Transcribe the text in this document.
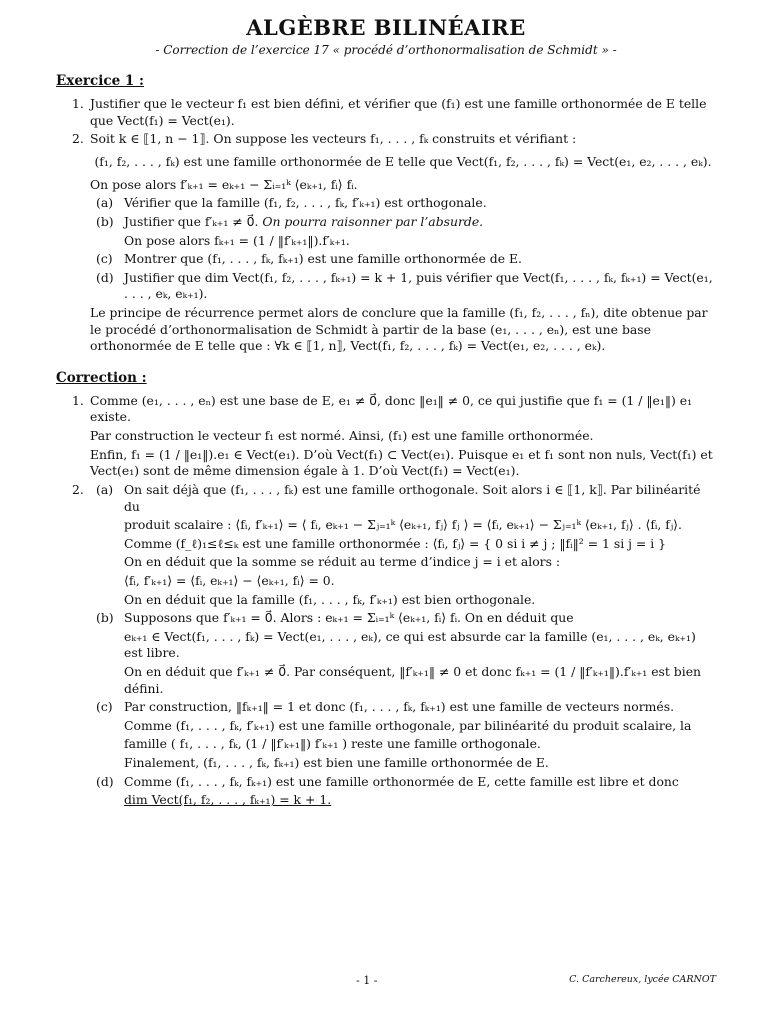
ALGÈBRE BILINÉAIRE
- Correction de l’exercice 17 « procédé d’orthonormalisation de Schmidt » -
Exercice 1 :
1. Justifier que le vecteur f₁ est bien défini, et vérifier que (f₁) est une famille orthonormée de E telle que Vect(f₁) = Vect(e₁).
2. Soit k ∈ ⟦1, n − 1⟧. On suppose les vecteurs f₁, . . . , fₖ construits et vérifiant :
(f₁, f₂, . . . , fₖ) est une famille orthonormée de E telle que Vect(f₁, f₂, . . . , fₖ) = Vect(e₁, e₂, . . . , eₖ).
On pose alors f′ₖ₊₁ = eₖ₊₁ − Σᵢ₌₁ᵏ ⟨eₖ₊₁, fᵢ⟩ fᵢ.
(a) Vérifier que la famille (f₁, f₂, . . . , fₖ, f′ₖ₊₁) est orthogonale.
(b) Justifier que f′ₖ₊₁ ≠ 0⃗. On pourra raisonner par l’absurde.
On pose alors fₖ₊₁ = (1 / ‖f′ₖ₊₁‖).f′ₖ₊₁.
(c) Montrer que (f₁, . . . , fₖ, fₖ₊₁) est une famille orthonormée de E.
(d) Justifier que dim Vect(f₁, f₂, . . . , fₖ₊₁) = k + 1, puis vérifier que Vect(f₁, . . . , fₖ, fₖ₊₁) = Vect(e₁, . . . , eₖ, eₖ₊₁).
Le principe de récurrence permet alors de conclure que la famille (f₁, f₂, . . . , fₙ), dite obtenue par le procédé d’orthonormalisation de Schmidt à partir de la base (e₁, . . . , eₙ), est une base orthonormée de E telle que : ∀k ∈ ⟦1, n⟧, Vect(f₁, f₂, . . . , fₖ) = Vect(e₁, e₂, . . . , eₖ).
Correction :
1. Comme (e₁, . . . , eₙ) est une base de E, e₁ ≠ 0⃗, donc ‖e₁‖ ≠ 0, ce qui justifie que f₁ = (1 / ‖e₁‖) e₁ existe.
Par construction le vecteur f₁ est normé. Ainsi, (f₁) est une famille orthonormée.
Enfin, f₁ = (1 / ‖e₁‖).e₁ ∈ Vect(e₁). D’où Vect(f₁) ⊂ Vect(e₁). Puisque e₁ et f₁ sont non nuls, Vect(f₁) et Vect(e₁) sont de même dimension égale à 1. D’où Vect(f₁) = Vect(e₁).
2. (a) On sait déjà que (f₁, . . . , fₖ) est une famille orthogonale. Soit alors i ∈ ⟦1, k⟧. Par bilinéarité du
produit scalaire : ⟨fᵢ, f′ₖ₊₁⟩ = ⟨ fᵢ, eₖ₊₁ − Σⱼ₌₁ᵏ ⟨eₖ₊₁, fⱼ⟩ fⱼ ⟩ = ⟨fᵢ, eₖ₊₁⟩ − Σⱼ₌₁ᵏ ⟨eₖ₊₁, fⱼ⟩ . ⟨fᵢ, fⱼ⟩.
Comme (f_ℓ)₁≤ℓ≤ₖ est une famille orthonormée : ⟨fᵢ, fⱼ⟩ = { 0 si i ≠ j ; ‖fᵢ‖² = 1 si j = i }
On en déduit que la somme se réduit au terme d’indice j = i et alors :
⟨fᵢ, f′ₖ₊₁⟩ = ⟨fᵢ, eₖ₊₁⟩ − ⟨eₖ₊₁, fᵢ⟩ = 0.
On en déduit que la famille (f₁, . . . , fₖ, f′ₖ₊₁) est bien orthogonale.
(b) Supposons que f′ₖ₊₁ = 0⃗. Alors : eₖ₊₁ = Σᵢ₌₁ᵏ ⟨eₖ₊₁, fᵢ⟩ fᵢ. On en déduit que
eₖ₊₁ ∈ Vect(f₁, . . . , fₖ) = Vect(e₁, . . . , eₖ), ce qui est absurde car la famille (e₁, . . . , eₖ, eₖ₊₁) est libre.
On en déduit que f′ₖ₊₁ ≠ 0⃗. Par conséquent, ‖f′ₖ₊₁‖ ≠ 0 et donc fₖ₊₁ = (1 / ‖f′ₖ₊₁‖).f′ₖ₊₁ est bien défini.
(c) Par construction, ‖fₖ₊₁‖ = 1 et donc (f₁, . . . , fₖ, fₖ₊₁) est une famille de vecteurs normés.
Comme (f₁, . . . , fₖ, f′ₖ₊₁) est une famille orthogonale, par bilinéarité du produit scalaire, la
famille ( f₁, . . . , fₖ, (1 / ‖f′ₖ₊₁‖) f′ₖ₊₁ ) reste une famille orthogonale.
Finalement, (f₁, . . . , fₖ, fₖ₊₁) est bien une famille orthonormée de E.
(d) Comme (f₁, . . . , fₖ, fₖ₊₁) est une famille orthonormée de E, cette famille est libre et donc
dim Vect(f₁, f₂, . . . , fₖ₊₁) = k + 1.
- 1 -	C. Carchereux, lycée CARNOT
